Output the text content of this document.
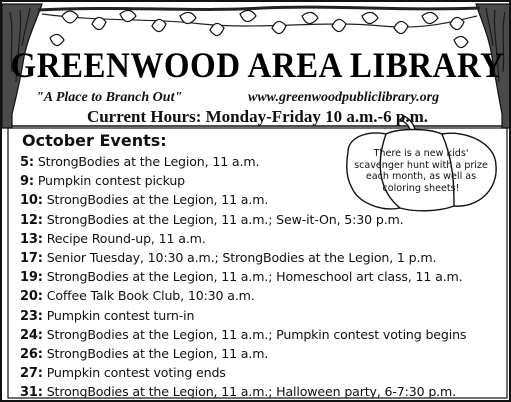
GREENWOOD AREA LIBRARY
"A Place to Branch Out"	www.greenwoodpubliclibrary.org
Current Hours: Monday-Friday 10 a.m.-6 p.m.
October Events:
5: StrongBodies at the Legion, 11 a.m.
9: Pumpkin contest pickup
10: StrongBodies at the Legion, 11 a.m.
12: StrongBodies at the Legion, 11 a.m.; Sew-it-On, 5:30 p.m.
13: Recipe Round-up, 11 a.m.
17: Senior Tuesday, 10:30 a.m.; StrongBodies at the Legion, 1 p.m.
19: StrongBodies at the Legion, 11 a.m.; Homeschool art class, 11 a.m.
20: Coffee Talk Book Club, 10:30 a.m.
23: Pumpkin contest turn-in
24: StrongBodies at the Legion, 11 a.m.; Pumpkin contest voting begins
26: StrongBodies at the Legion, 11 a.m.
27: Pumpkin contest voting ends
31: StrongBodies at the Legion, 11 a.m.; Halloween party, 6-7:30 p.m.
There is a new kids' scavenger hunt with a prize each month, as well as coloring sheets!
